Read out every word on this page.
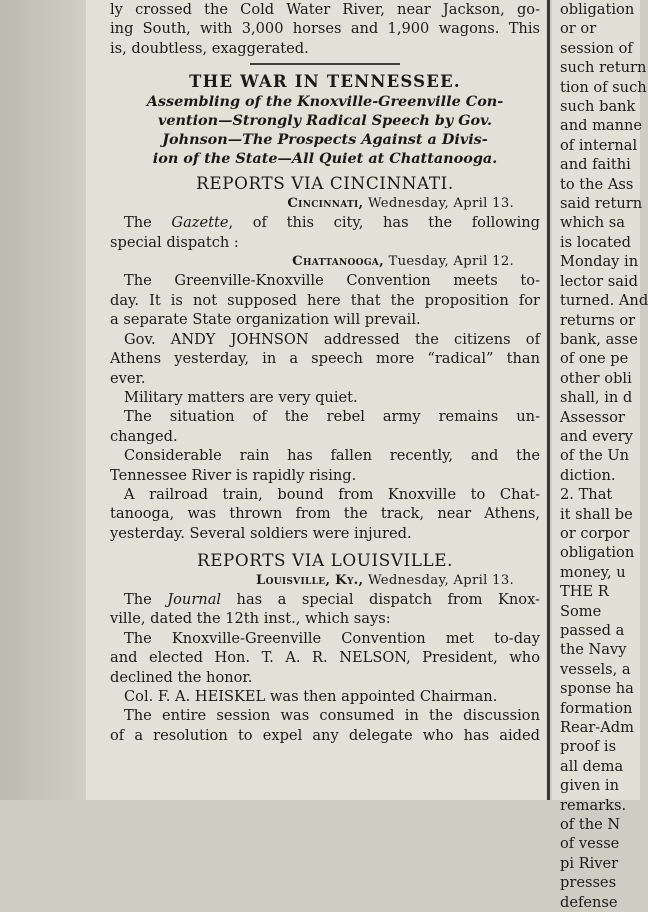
ly crossed the Cold Water River, near Jackson, go-

ing South, with 3,000 horses and 1,900 wagons. This

is, doubtless, exaggerated.

THE WAR IN TENNESSEE.

Assembling of the Knoxville-Greenville Con-

vention—Strongly Radical Speech by Gov.

Johnson—The Prospects Against a Divis-

ion of the State—All Quiet at Chattanooga.

REPORTS VIA CINCINNATI.

Cincinnati, Wednesday, April 13.

The Gazette, of this city, has the following

special dispatch :

Chattanooga, Tuesday, April 12.

The Greenville-Knoxville Convention meets to-

day. It is not supposed here that the proposition for

a separate State organization will prevail.

Gov. ANDY JOHNSON addressed the citizens of

Athens yesterday, in a speech more “radical” than

ever.

Military matters are very quiet.

The situation of the rebel army remains un-

changed.

Considerable rain has fallen recently, and the

Tennessee River is rapidly rising.

A railroad train, bound from Knoxville to Chat-

tanooga, was thrown from the track, near Athens,

yesterday. Several soldiers were injured.

REPORTS VIA LOUISVILLE.

Louisville, Ky., Wednesday, April 13.

The Journal has a special dispatch from Knox-

ville, dated the 12th inst., which says:

The Knoxville-Greenville Convention met to-day

and elected Hon. T. A. R. NELSON, President, who

declined the honor.

Col. F. A. HEISKEL was then appointed Chairman.

The entire session was consumed in the discussion

of a resolution to expel any delegate who has aided

obligation

or or

session of

such return

tion of such

such bank

and manne

of internal

and faithi

to the Ass

said return

which sa

is located

Monday in

lector said

turned. And

returns or

bank, asse

of one pe

other obli

shall, in d

Assessor

and every

of the Un

diction.

2. That

it shall be

or corpor

obligation

money, u

THE R

Some

passed a

the Navy

vessels, a

sponse ha

formation

Rear-Adm

proof is

all dema

given in

remarks.

of the N

of vesse

pi River

presses

defense
